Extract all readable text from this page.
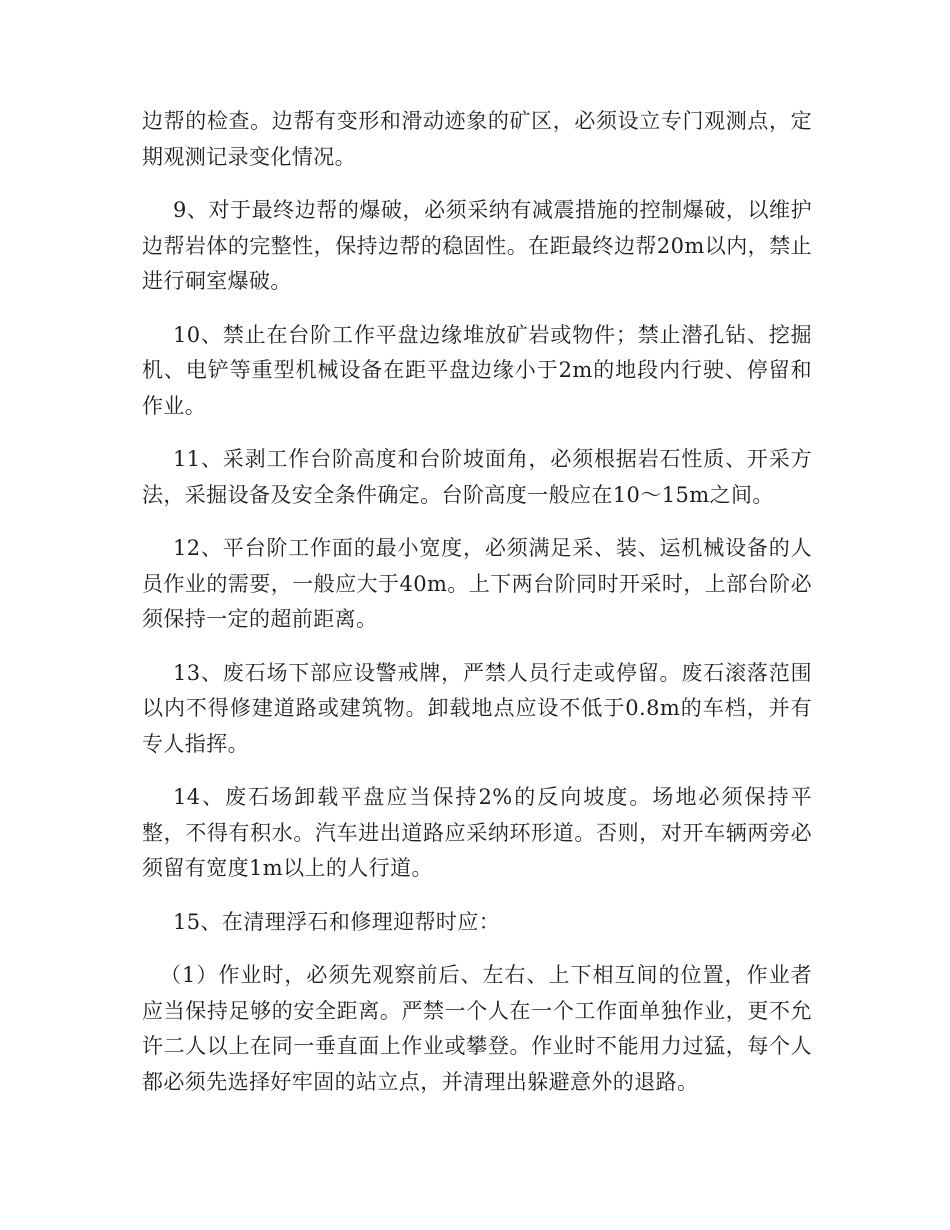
边帮的检查。边帮有变形和滑动迹象的矿区，必须设立专门观测点，定期观测记录变化情况。

9、对于最终边帮的爆破，必须采纳有减震措施的控制爆破，以维护边帮岩体的完整性，保持边帮的稳固性。在距最终边帮20m以内，禁止进行硐室爆破。

10、禁止在台阶工作平盘边缘堆放矿岩或物件；禁止潜孔钻、挖掘机、电铲等重型机械设备在距平盘边缘小于2m的地段内行驶、停留和作业。

11、采剥工作台阶高度和台阶坡面角，必须根据岩石性质、开采方法，采掘设备及安全条件确定。台阶高度一般应在10～15m之间。

12、平台阶工作面的最小宽度，必须满足采、装、运机械设备的人员作业的需要，一般应大于40m。上下两台阶同时开采时，上部台阶必须保持一定的超前距离。

13、废石场下部应设警戒牌，严禁人员行走或停留。废石滚落范围以内不得修建道路或建筑物。卸载地点应设不低于0.8m的车档，并有专人指挥。

14、废石场卸载平盘应当保持2%的反向坡度。场地必须保持平整，不得有积水。汽车进出道路应采纳环形道。否则，对开车辆两旁必须留有宽度1m以上的人行道。

15、在清理浮石和修理迎帮时应：

（1）作业时，必须先观察前后、左右、上下相互间的位置，作业者应当保持足够的安全距离。严禁一个人在一个工作面单独作业，更不允许二人以上在同一垂直面上作业或攀登。作业时不能用力过猛，每个人都必须先选择好牢固的站立点，并清理出躲避意外的退路。
